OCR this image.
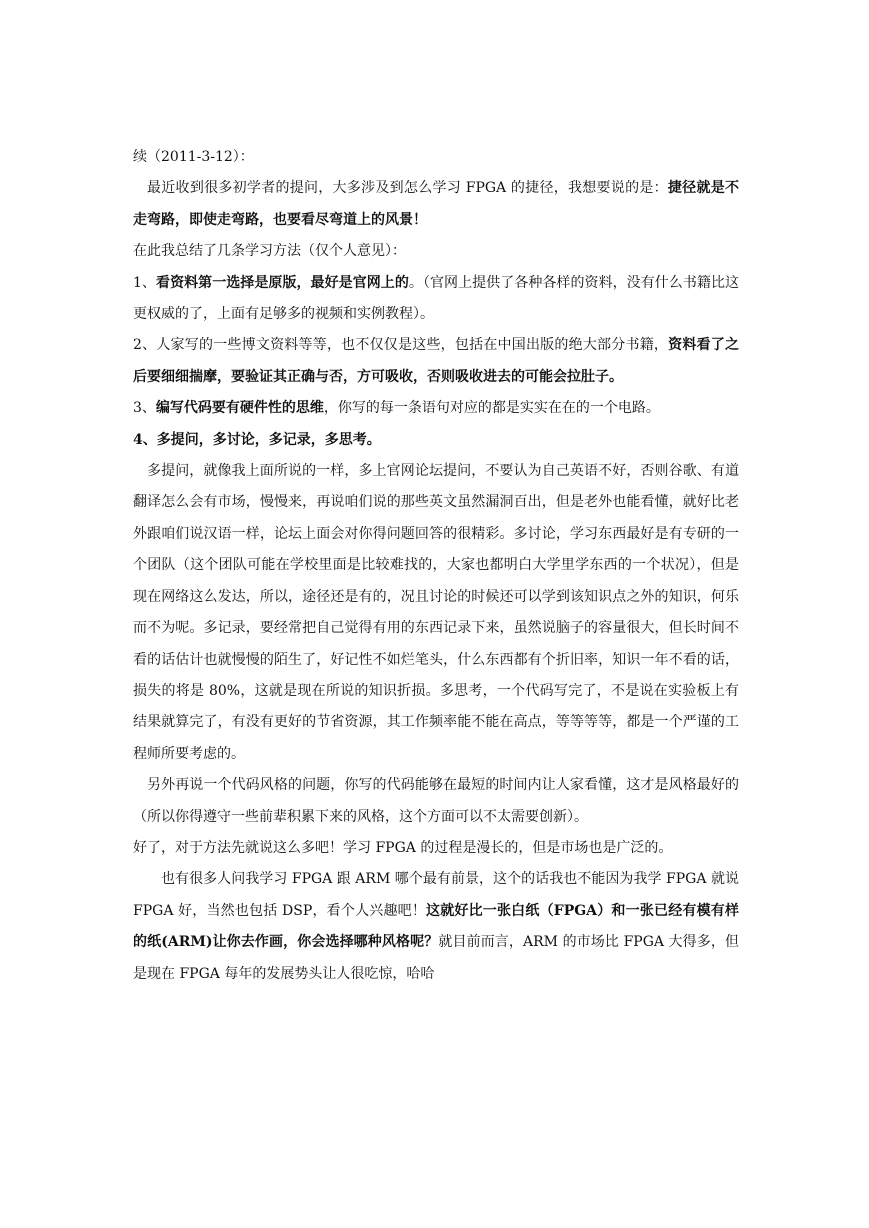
续（2011-3-12）：

最近收到很多初学者的提问，大多涉及到怎么学习 FPGA 的捷径，我想要说的是：捷径就是不走弯路，即使走弯路，也要看尽弯道上的风景！

在此我总结了几条学习方法（仅个人意见）：

1、看资料第一选择是原版，最好是官网上的。（官网上提供了各种各样的资料，没有什么书籍比这更权威的了，上面有足够多的视频和实例教程）。

2、人家写的一些博文资料等等，也不仅仅是这些，包括在中国出版的绝大部分书籍，资料看了之后要细细揣摩，要验证其正确与否，方可吸收，否则吸收进去的可能会拉肚子。

3、编写代码要有硬件性的思维，你写的每一条语句对应的都是实实在在的一个电路。

4、多提问，多讨论，多记录，多思考。

多提问，就像我上面所说的一样，多上官网论坛提问，不要认为自己英语不好，否则谷歌、有道翻译怎么会有市场，慢慢来，再说咱们说的那些英文虽然漏洞百出，但是老外也能看懂，就好比老外跟咱们说汉语一样，论坛上面会对你得问题回答的很精彩。多讨论，学习东西最好是有专研的一个团队（这个团队可能在学校里面是比较难找的，大家也都明白大学里学东西的一个状况），但是现在网络这么发达，所以，途径还是有的，况且讨论的时候还可以学到该知识点之外的知识，何乐而不为呢。多记录，要经常把自己觉得有用的东西记录下来，虽然说脑子的容量很大，但长时间不看的话估计也就慢慢的陌生了，好记性不如烂笔头，什么东西都有个折旧率，知识一年不看的话，损失的将是 80%，这就是现在所说的知识折损。多思考，一个代码写完了，不是说在实验板上有结果就算完了，有没有更好的节省资源，其工作频率能不能在高点，等等等等，都是一个严谨的工程师所要考虑的。

另外再说一个代码风格的问题，你写的代码能够在最短的时间内让人家看懂，这才是风格最好的（所以你得遵守一些前辈积累下来的风格，这个方面可以不太需要创新）。

好了，对于方法先就说这么多吧！学习 FPGA 的过程是漫长的，但是市场也是广泛的。

也有很多人问我学习 FPGA 跟 ARM 哪个最有前景，这个的话我也不能因为我学 FPGA 就说 FPGA 好，当然也包括 DSP，看个人兴趣吧！这就好比一张白纸（FPGA）和一张已经有模有样的纸(ARM)让你去作画，你会选择哪种风格呢？就目前而言，ARM 的市场比 FPGA 大得多，但是现在 FPGA 每年的发展势头让人很吃惊，哈哈
